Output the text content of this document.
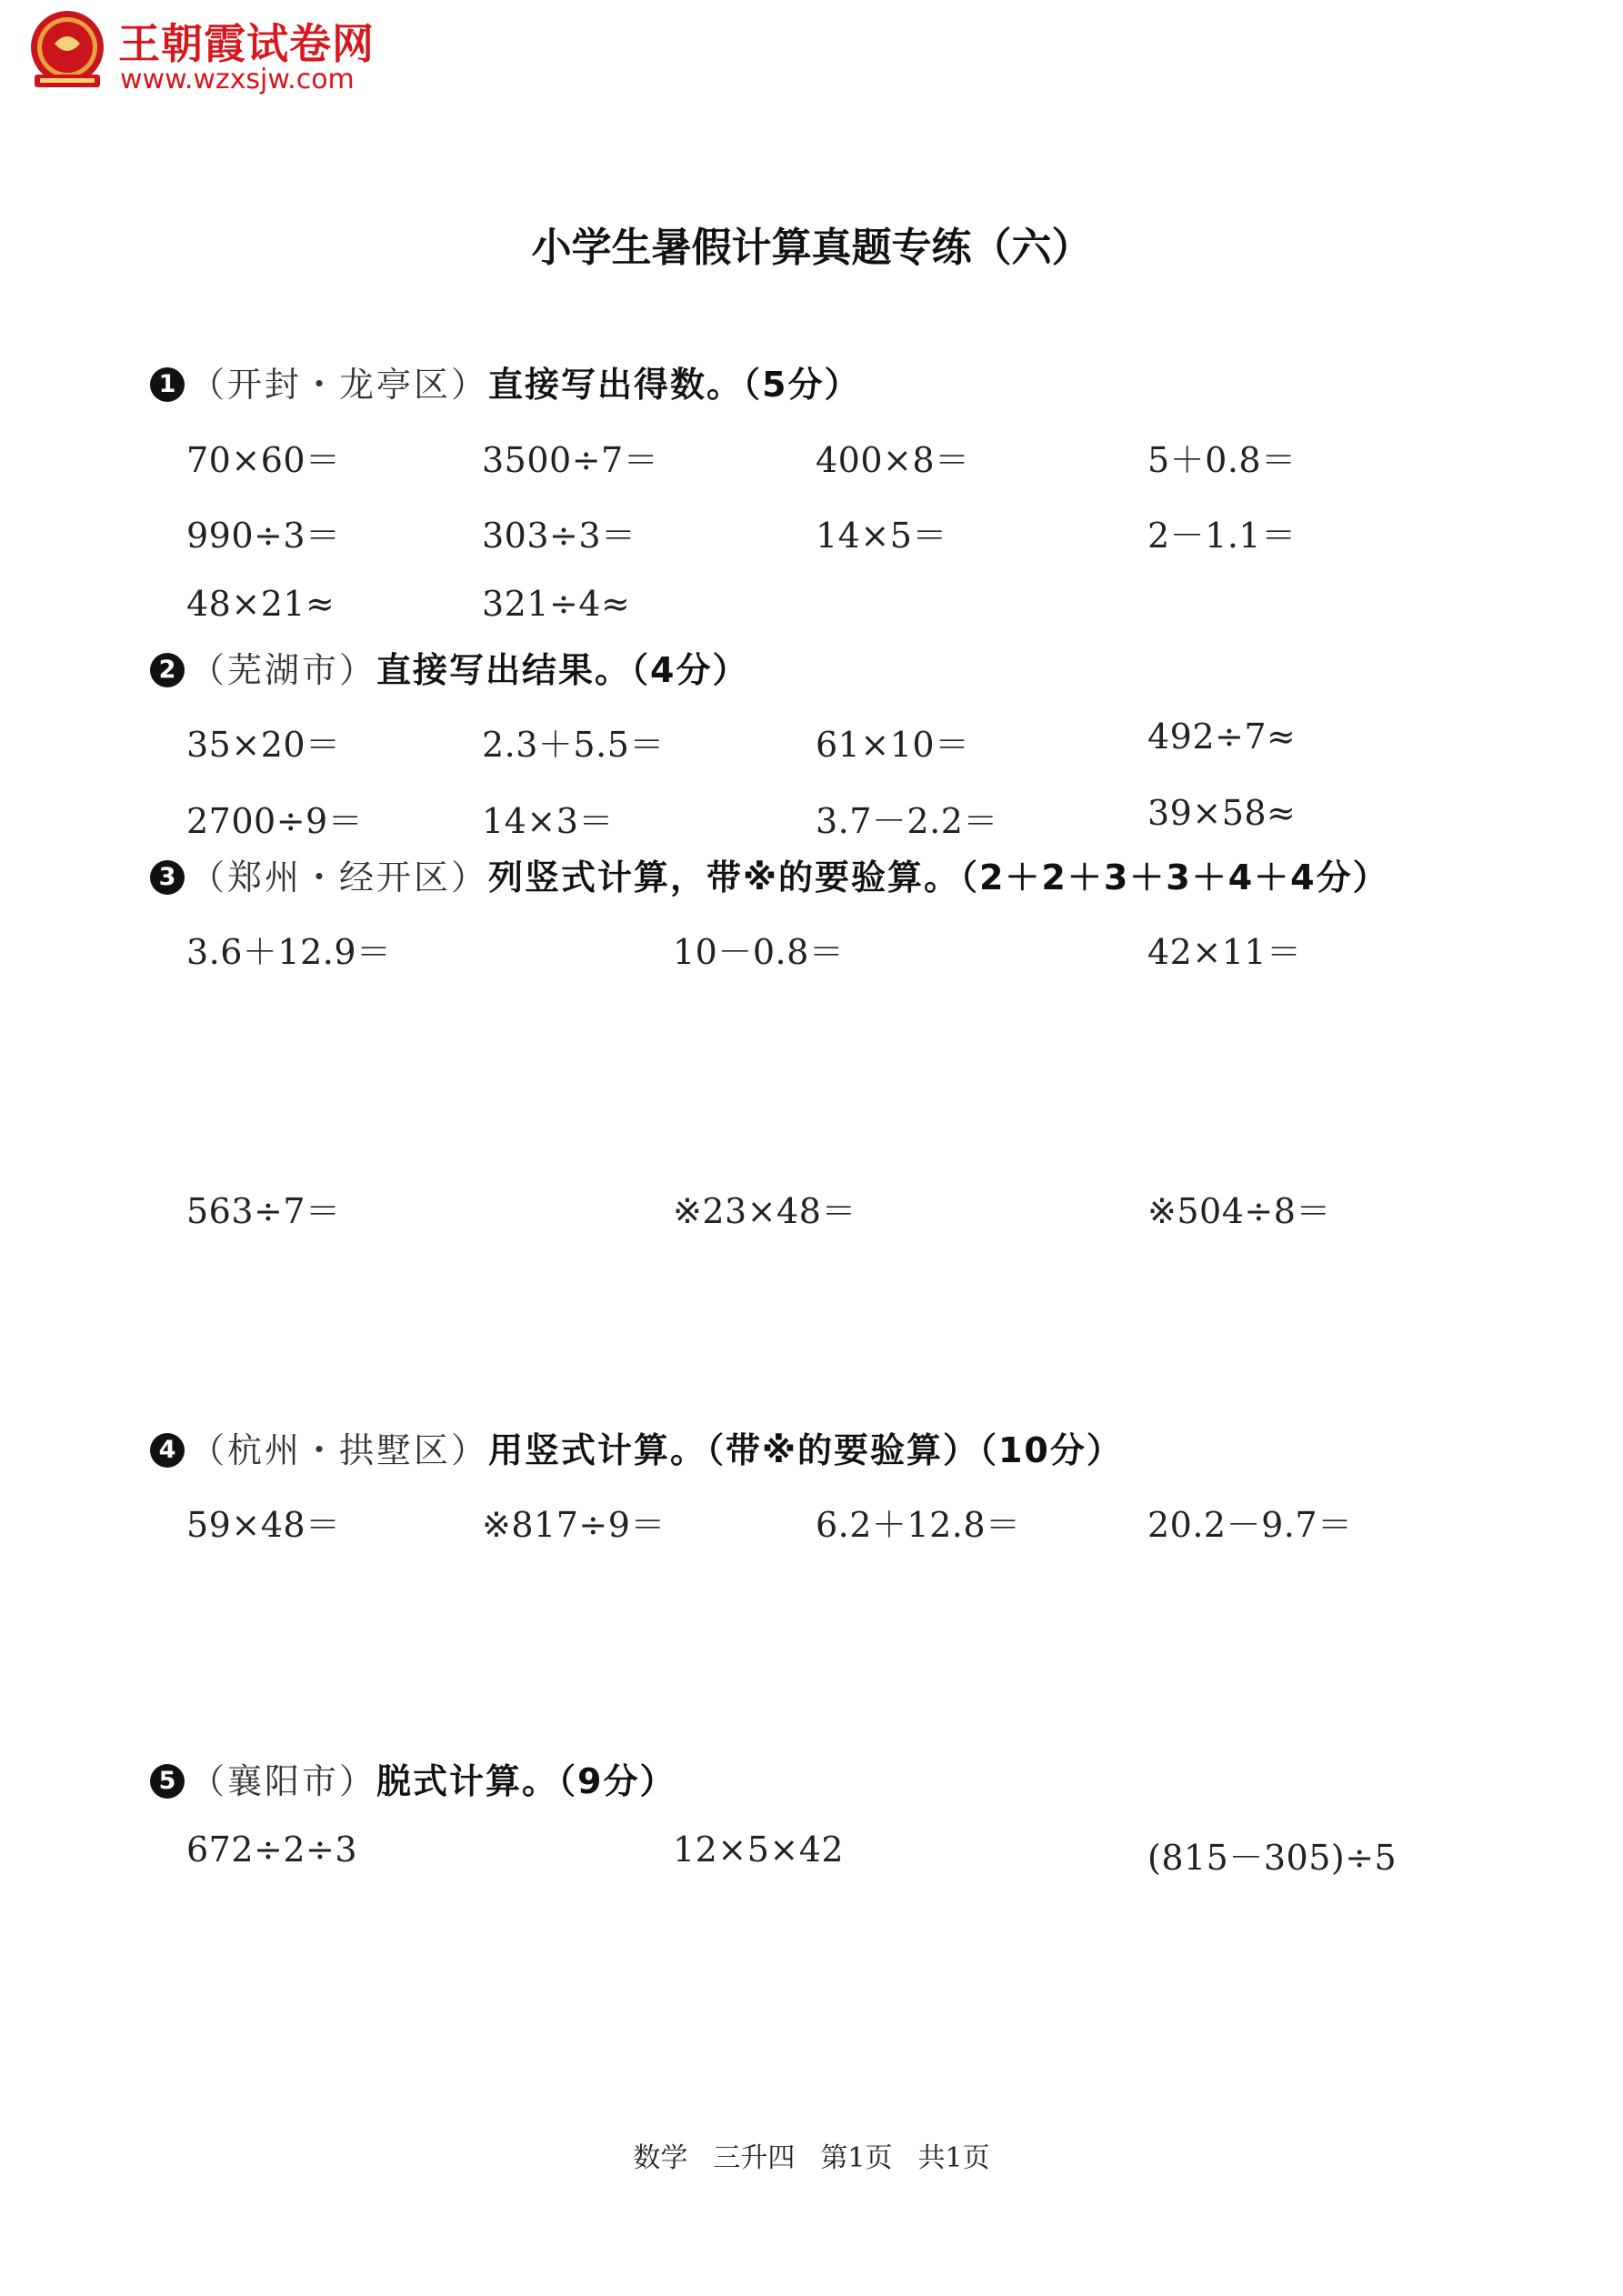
王朝霞试卷网
www.wzxsjw.com
小学生暑假计算真题专练（六）
1 （开封・龙亭区）直接写出得数。（5分）
70×60＝	3500÷7＝	400×8＝	5＋0.8＝
990÷3＝	303÷3＝	14×5＝	2－1.1＝
48×21≈	321÷4≈
2 （芜湖市）直接写出结果。（4分）
35×20＝	2.3＋5.5＝	61×10＝	492÷7≈
2700÷9＝	14×3＝	3.7－2.2＝	39×58≈
3 （郑州・经开区）列竖式计算，带※的要验算。（2＋2＋3＋3＋4＋4分）
3.6＋12.9＝	10－0.8＝	42×11＝
563÷7＝	※23×48＝	※504÷8＝
4 （杭州・拱墅区）用竖式计算。（带※的要验算）（10分）
59×48＝	※817÷9＝	6.2＋12.8＝	20.2－9.7＝
5 （襄阳市）脱式计算。（9分）
672÷2÷3	12×5×42	(815－305)÷5
数学 三升四 第1页 共1页
